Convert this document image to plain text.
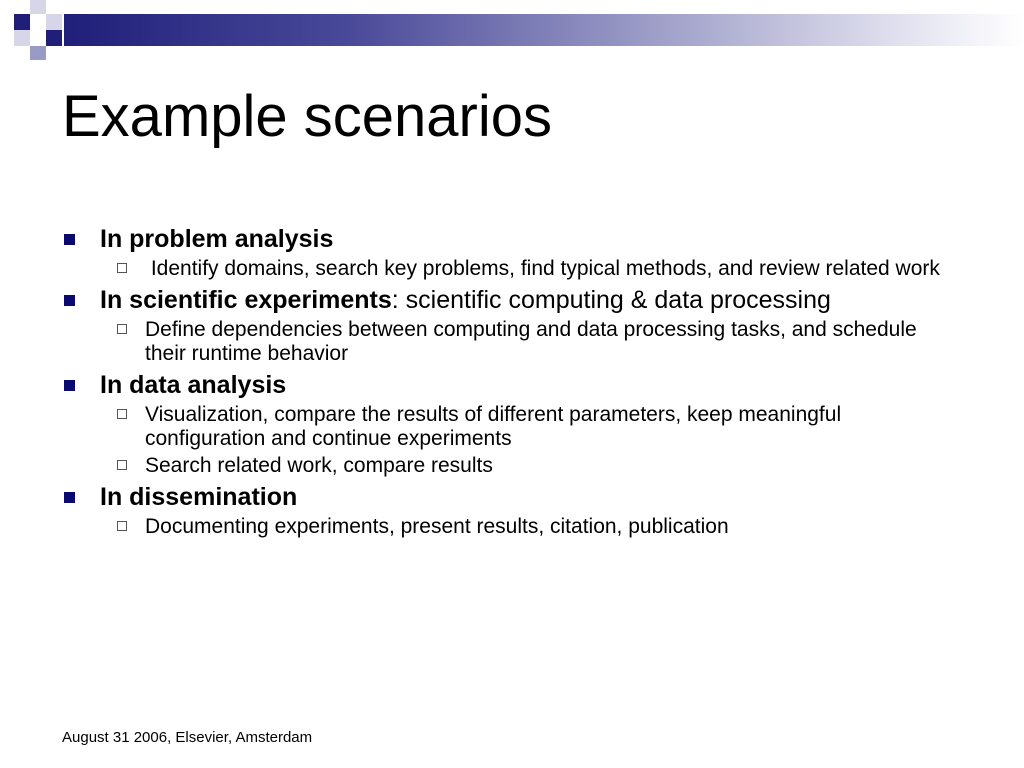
Example scenarios
In problem analysis
Identify domains, search key problems, find typical methods, and review related work
In scientific experiments: scientific computing & data processing
Define dependencies between computing and data processing tasks, and schedule their runtime behavior
In data analysis
Visualization, compare the results of different parameters, keep meaningful configuration and continue experiments
Search related work, compare results
In dissemination
Documenting experiments, present results, citation, publication
August 31 2006, Elsevier, Amsterdam
